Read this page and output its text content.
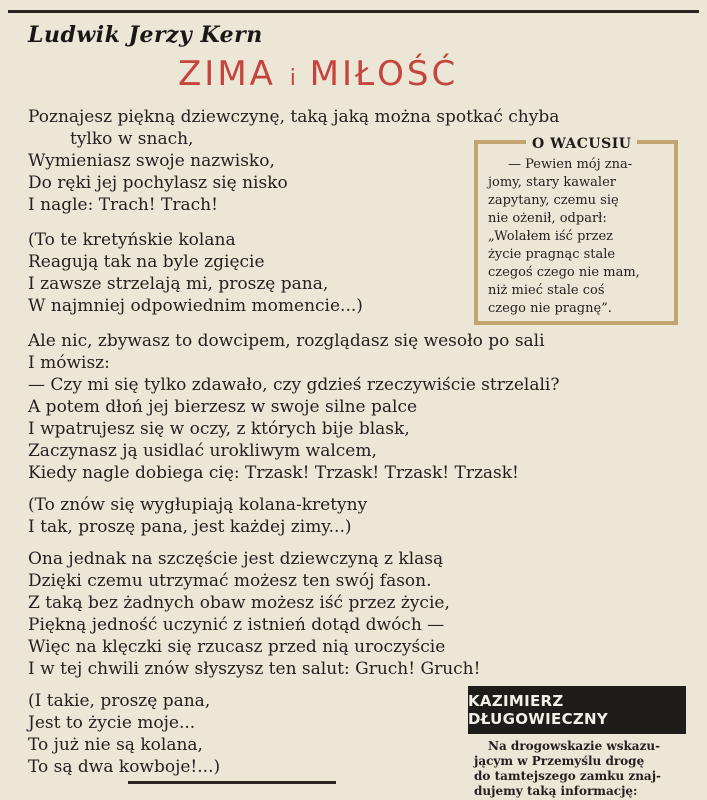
Ludwik Jerzy Kern
ZIMA i MIŁOŚĆ
Poznajesz piękną dziewczynę, taką jaką można spotkać chyba
tylko w snach,
Wymieniasz swoje nazwisko,
Do ręki jej pochylasz się nisko
I nagle: Trach! Trach!
(To te kretyńskie kolana
Reagują tak na byle zgięcie
I zawsze strzelają mi, proszę pana,
W najmniej odpowiednim momencie...)
Ale nic, zbywasz to dowcipem, rozglądasz się wesoło po sali
I mówisz:
— Czy mi się tylko zdawało, czy gdzieś rzeczywiście strzelali?
A potem dłoń jej bierzesz w swoje silne palce
I wpatrujesz się w oczy, z których bije blask,
Zaczynasz ją usidlać urokliwym walcem,
Kiedy nagle dobiega cię: Trzask! Trzask! Trzask! Trzask!
(To znów się wygłupiają kolana-kretyny
I tak, proszę pana, jest każdej zimy...)
Ona jednak na szczęście jest dziewczyną z klasą
Dzięki czemu utrzymać możesz ten swój fason.
Z taką bez żadnych obaw możesz iść przez życie,
Piękną jedność uczynić z istnień dotąd dwóch —
Więc na klęczki się rzucasz przed nią uroczyście
I w tej chwili znów słyszysz ten salut: Gruch! Gruch!
(I takie, proszę pana,
Jest to życie moje...
To już nie są kolana,
To są dwa kowboje!...)
O WACUSIU
— Pewien mój zna-
jomy, stary kawaler
zapytany, czemu się
nie ożenił, odparł:
„Wolałem iść przez
życie pragnąc stale
czegoś czego nie mam,
niż mieć stale coś
czego nie pragnę”.
KAZIMIERZ DŁUGOWIECZNY
Na drogowskazie wskazu-
jącym w Przemyślu drogę
do tamtejszego zamku znaj-
dujemy taką informację:
